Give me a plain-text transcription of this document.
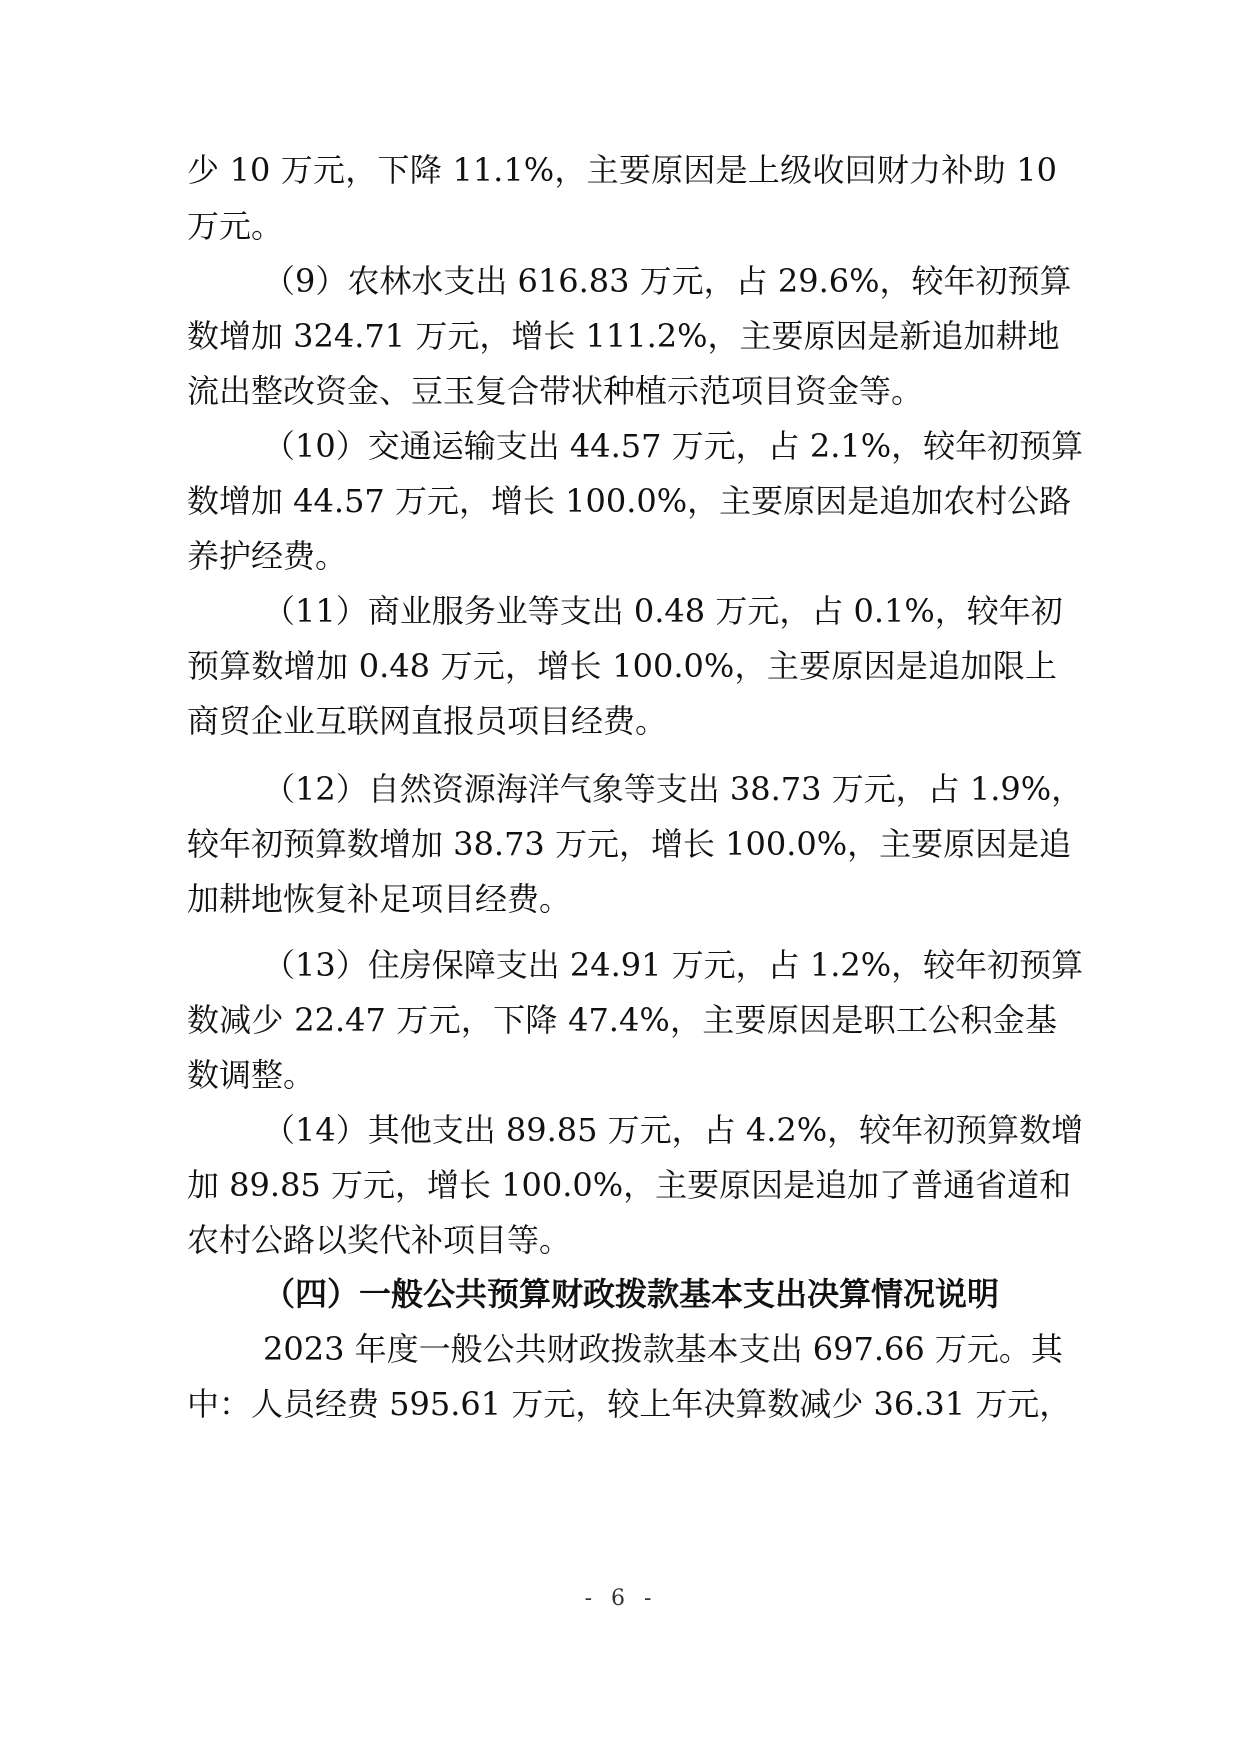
少 10 万元，下降 11.1%，主要原因是上级收回财力补助 10
万元。
（9）农林水支出 616.83 万元，占 29.6%，较年初预算
数增加 324.71 万元，增长 111.2%，主要原因是新追加耕地
流出整改资金、豆玉复合带状种植示范项目资金等。
（10）交通运输支出 44.57 万元，占 2.1%，较年初预算
数增加 44.57 万元，增长 100.0%，主要原因是追加农村公路
养护经费。
（11）商业服务业等支出 0.48 万元，占 0.1%，较年初
预算数增加 0.48 万元，增长 100.0%，主要原因是追加限上
商贸企业互联网直报员项目经费。
（12）自然资源海洋气象等支出 38.73 万元，占 1.9%，
较年初预算数增加 38.73 万元，增长 100.0%，主要原因是追
加耕地恢复补足项目经费。
（13）住房保障支出 24.91 万元，占 1.2%，较年初预算
数减少 22.47 万元，下降 47.4%，主要原因是职工公积金基
数调整。
（14）其他支出 89.85 万元，占 4.2%，较年初预算数增
加 89.85 万元，增长 100.0%，主要原因是追加了普通省道和
农村公路以奖代补项目等。
（四）一般公共预算财政拨款基本支出决算情况说明
2023 年度一般公共财政拨款基本支出 697.66 万元。其
中：人员经费 595.61 万元，较上年决算数减少 36.31 万元，
- 6 -
